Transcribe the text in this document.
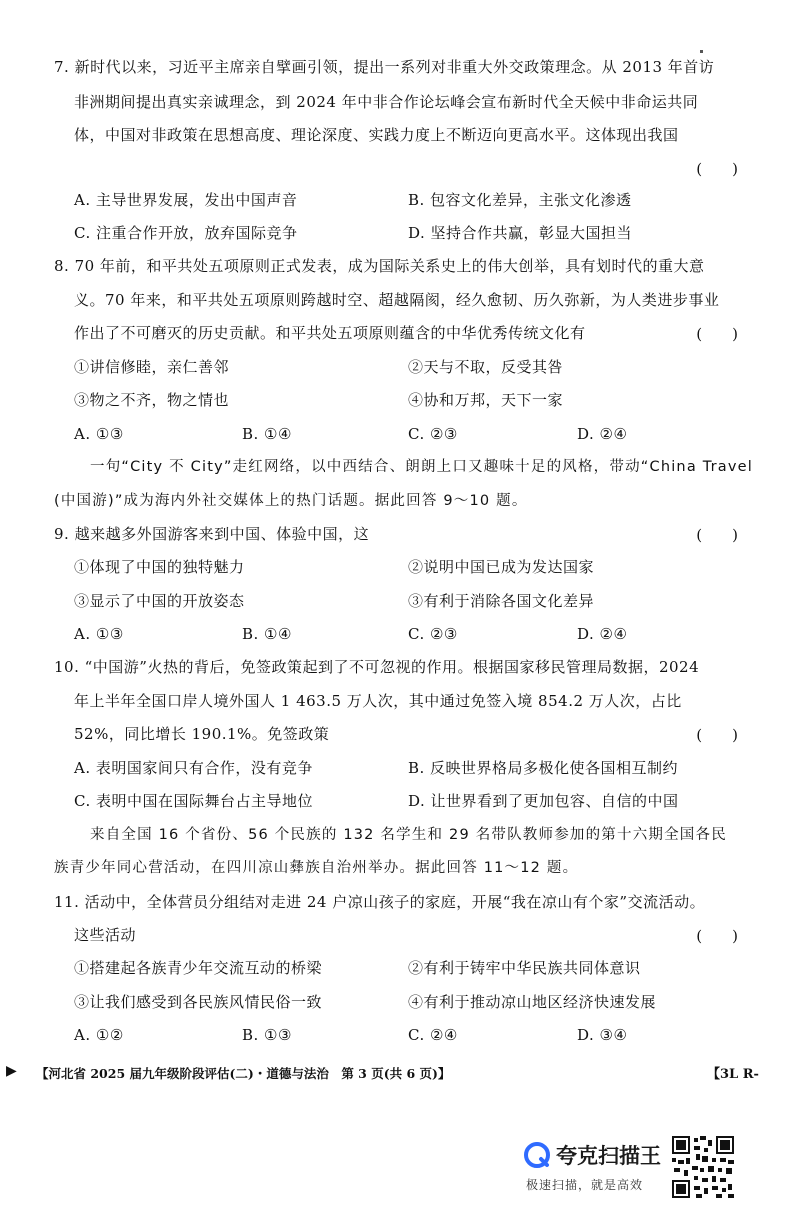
7. 新时代以来，习近平主席亲自擘画引领，提出一系列对非重大外交政策理念。从 2013 年首访
非洲期间提出真实亲诚理念，到 2024 年中非合作论坛峰会宣布新时代全天候中非命运共同
体，中国对非政策在思想高度、理论深度、实践力度上不断迈向更高水平。这体现出我国
(　　)
A. 主导世界发展，发出中国声音	B. 包容文化差异，主张文化渗透
C. 注重合作开放，放弃国际竞争	D. 坚持合作共赢，彰显大国担当
8. 70 年前，和平共处五项原则正式发表，成为国际关系史上的伟大创举，具有划时代的重大意
义。70 年来，和平共处五项原则跨越时空、超越隔阂，经久愈韧、历久弥新，为人类进步事业
作出了不可磨灭的历史贡献。和平共处五项原则蕴含的中华优秀传统文化有	(　　)
①讲信修睦，亲仁善邻	②天与不取，反受其咎
③物之不齐，物之情也	④协和万邦，天下一家
A. ①③	B. ①④	C. ②③	D. ②④
一句“City 不 City”走红网络，以中西结合、朗朗上口又趣味十足的风格，带动“China Travel
(中国游)”成为海内外社交媒体上的热门话题。据此回答 9～10 题。
9. 越来越多外国游客来到中国、体验中国，这	(　　)
①体现了中国的独特魅力	②说明中国已成为发达国家
③显示了中国的开放姿态	③有利于消除各国文化差异
A. ①③	B. ①④	C. ②③	D. ②④
10. “中国游”火热的背后，免签政策起到了不可忽视的作用。根据国家移民管理局数据，2024
年上半年全国口岸人境外国人 1 463.5 万人次，其中通过免签入境 854.2 万人次，占比
52%，同比增长 190.1%。免签政策	(　　)
A. 表明国家间只有合作，没有竞争	B. 反映世界格局多极化使各国相互制约
C. 表明中国在国际舞台占主导地位	D. 让世界看到了更加包容、自信的中国
来自全国 16 个省份、56 个民族的 132 名学生和 29 名带队教师参加的第十六期全国各民
族青少年同心营活动，在四川凉山彝族自治州举办。据此回答 11～12 题。
11. 活动中，全体营员分组结对走进 24 户凉山孩子的家庭，开展“我在凉山有个家”交流活动。
这些活动	(　　)
①搭建起各族青少年交流互动的桥梁	②有利于铸牢中华民族共同体意识
③让我们感受到各民族风情民俗一致	④有利于推动凉山地区经济快速发展
A. ①②	B. ①③	C. ②④	D. ③④
▶ 【河北省 2025 届九年级阶段评估(二)・道德与法治　第 3 页(共 6 页)】	【3L R-
夸克扫描王
极速扫描，就是高效
